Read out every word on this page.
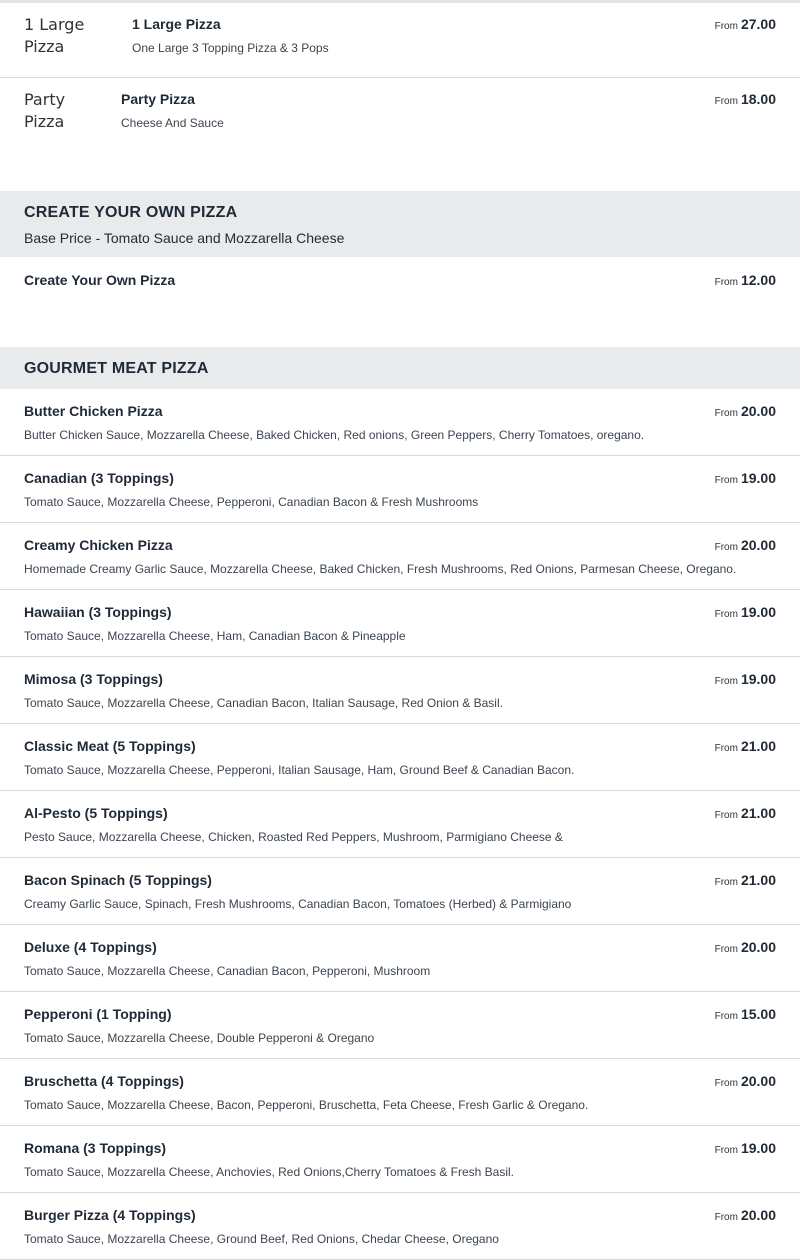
1 Large Pizza
1 Large Pizza
One Large 3 Topping Pizza & 3 Pops
From 27.00
Party Pizza
Party Pizza
Cheese And Sauce
From 18.00
CREATE YOUR OWN PIZZA
Base Price - Tomato Sauce and Mozzarella Cheese
Create Your Own Pizza	From 12.00
GOURMET MEAT PIZZA
Butter Chicken Pizza
Butter Chicken Sauce, Mozzarella Cheese, Baked Chicken, Red onions, Green Peppers, Cherry Tomatoes, oregano.
From 20.00
Canadian (3 Toppings)
Tomato Sauce, Mozzarella Cheese, Pepperoni, Canadian Bacon & Fresh Mushrooms
From 19.00
Creamy Chicken Pizza
Homemade Creamy Garlic Sauce, Mozzarella Cheese, Baked Chicken, Fresh Mushrooms, Red Onions, Parmesan Cheese, Oregano.
From 20.00
Hawaiian (3 Toppings)
Tomato Sauce, Mozzarella Cheese, Ham, Canadian Bacon & Pineapple
From 19.00
Mimosa (3 Toppings)
Tomato Sauce, Mozzarella Cheese, Canadian Bacon, Italian Sausage, Red Onion & Basil.
From 19.00
Classic Meat (5 Toppings)
Tomato Sauce, Mozzarella Cheese, Pepperoni, Italian Sausage, Ham, Ground Beef & Canadian Bacon.
From 21.00
Al-Pesto (5 Toppings)
Pesto Sauce, Mozzarella Cheese, Chicken, Roasted Red Peppers, Mushroom, Parmigiano Cheese &
From 21.00
Bacon Spinach (5 Toppings)
Creamy Garlic Sauce, Spinach, Fresh Mushrooms, Canadian Bacon, Tomatoes (Herbed) & Parmigiano
From 21.00
Deluxe (4 Toppings)
Tomato Sauce, Mozzarella Cheese, Canadian Bacon, Pepperoni, Mushroom
From 20.00
Pepperoni (1 Topping)
Tomato Sauce, Mozzarella Cheese, Double Pepperoni & Oregano
From 15.00
Bruschetta (4 Toppings)
Tomato Sauce, Mozzarella Cheese, Bacon, Pepperoni, Bruschetta, Feta Cheese, Fresh Garlic & Oregano.
From 20.00
Romana (3 Toppings)
Tomato Sauce, Mozzarella Cheese, Anchovies, Red Onions,Cherry Tomatoes & Fresh Basil.
From 19.00
Burger Pizza (4 Toppings)
Tomato Sauce, Mozzarella Cheese, Ground Beef, Red Onions, Chedar Cheese, Oregano
From 20.00
